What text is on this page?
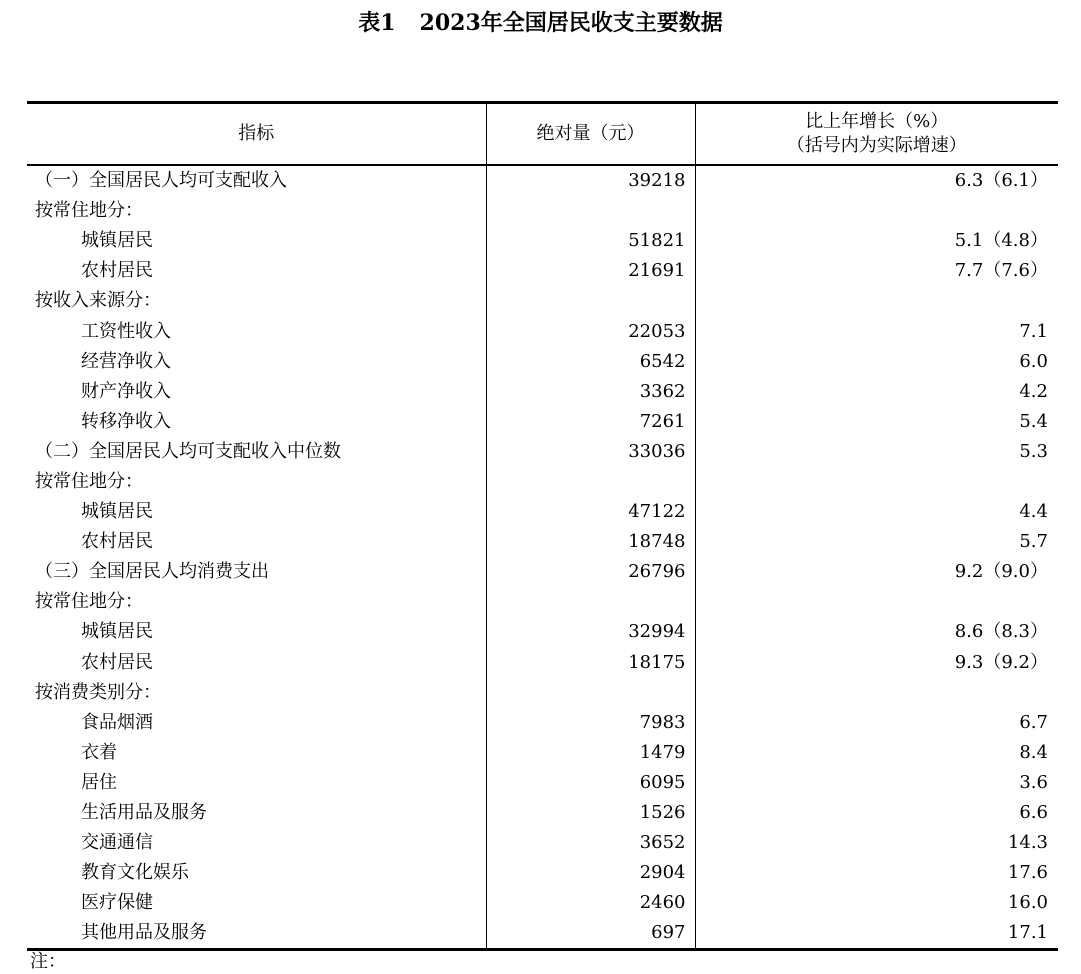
表1 2023年全国居民收支主要数据
指标	绝对量（元）	比上年增长（%）
（括号内为实际增速）

（一）全国居民人均可支配收入	39218	6.3（6.1）
按常住地分：		
城镇居民	51821	5.1（4.8）
农村居民	21691	7.7（7.6）
按收入来源分：		
工资性收入	22053	7.1
经营净收入	6542	6.0
财产净收入	3362	4.2
转移净收入	7261	5.4
（二）全国居民人均可支配收入中位数	33036	5.3
按常住地分：		
城镇居民	47122	4.4
农村居民	18748	5.7
（三）全国居民人均消费支出	26796	9.2（9.0）
按常住地分：		
城镇居民	32994	8.6（8.3）
农村居民	18175	9.3（9.2）
按消费类别分：		
食品烟酒	7983	6.7
衣着	1479	8.4
居住	6095	3.6
生活用品及服务	1526	6.6
交通通信	3652	14.3
教育文化娱乐	2904	17.6
医疗保健	2460	16.0
其他用品及服务	697	17.1
注：
